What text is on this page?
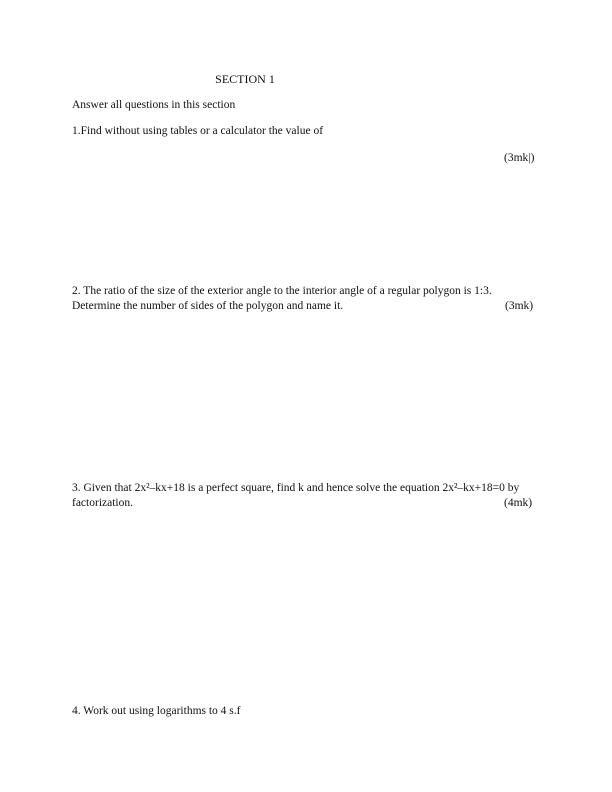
SECTION 1
Answer all questions in this section
1.Find without using tables or a calculator the value of
(3mk|)
2. The ratio of the size of the exterior angle to the interior angle of a regular polygon is 1:3.
Determine the number of sides of the polygon and name it.	(3mk)
3. Given that 2x²–kx+18 is a perfect square, find k and hence solve the equation 2x²–kx+18=0 by
factorization.	(4mk)
4. Work out using logarithms to 4 s.f
